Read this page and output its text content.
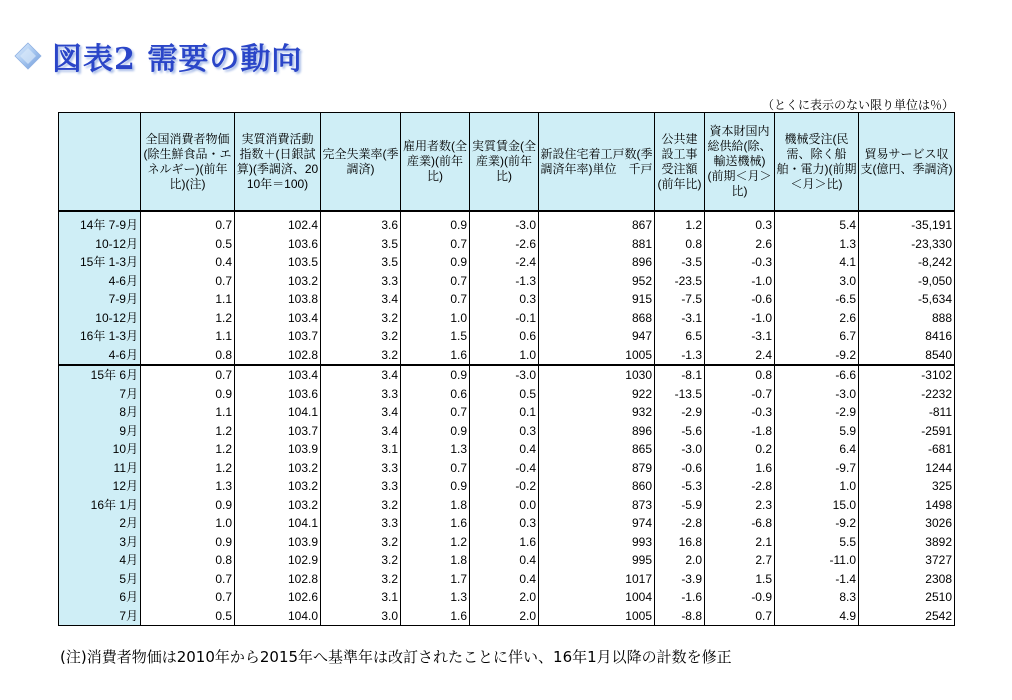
図表2 需要の動向
（とくに表示のない限り単位は％）
	全国消費者物価(除生鮮食品・エネルギー)(前年比)(注)	実質消費活動指数＋(日銀試算)(季調済、2010年＝100)	完全失業率(季調済)	雇用者数(全産業)(前年比)	実質賃金(全産業)(前年比)	新設住宅着工戸数(季調済年率)単位　千戸	公共建設工事受注額(前年比)	資本財国内総供給(除、輸送機械)(前期＜月＞比)	機械受注(民需、除く船舶・電力)(前期＜月＞比)	貿易サービス収支(億円、季調済)
14年 7-9月	0.7	102.4	3.6	0.9	-3.0	867	1.2	0.3	5.4	-35,191
10-12月	0.5	103.6	3.5	0.7	-2.6	881	0.8	2.6	1.3	-23,330
15年 1-3月	0.4	103.5	3.5	0.9	-2.4	896	-3.5	-0.3	4.1	-8,242
4-6月	0.7	103.2	3.3	0.7	-1.3	952	-23.5	-1.0	3.0	-9,050
7-9月	1.1	103.8	3.4	0.7	0.3	915	-7.5	-0.6	-6.5	-5,634
10-12月	1.2	103.4	3.2	1.0	-0.1	868	-3.1	-1.0	2.6	888
16年 1-3月	1.1	103.7	3.2	1.5	0.6	947	6.5	-3.1	6.7	8416
4-6月	0.8	102.8	3.2	1.6	1.0	1005	-1.3	2.4	-9.2	8540
15年 6月	0.7	103.4	3.4	0.9	-3.0	1030	-8.1	0.8	-6.6	-3102
7月	0.9	103.6	3.3	0.6	0.5	922	-13.5	-0.7	-3.0	-2232
8月	1.1	104.1	3.4	0.7	0.1	932	-2.9	-0.3	-2.9	-811
9月	1.2	103.7	3.4	0.9	0.3	896	-5.6	-1.8	5.9	-2591
10月	1.2	103.9	3.1	1.3	0.4	865	-3.0	0.2	6.4	-681
11月	1.2	103.2	3.3	0.7	-0.4	879	-0.6	1.6	-9.7	1244
12月	1.3	103.2	3.3	0.9	-0.2	860	-5.3	-2.8	1.0	325
16年 1月	0.9	103.2	3.2	1.8	0.0	873	-5.9	2.3	15.0	1498
2月	1.0	104.1	3.3	1.6	0.3	974	-2.8	-6.8	-9.2	3026
3月	0.9	103.9	3.2	1.2	1.6	993	16.8	2.1	5.5	3892
4月	0.8	102.9	3.2	1.8	0.4	995	2.0	2.7	-11.0	3727
5月	0.7	102.8	3.2	1.7	0.4	1017	-3.9	1.5	-1.4	2308
6月	0.7	102.6	3.1	1.3	2.0	1004	-1.6	-0.9	8.3	2510
7月	0.5	104.0	3.0	1.6	2.0	1005	-8.8	0.7	4.9	2542
(注)消費者物価は2010年から2015年へ基準年は改訂されたことに伴い、16年1月以降の計数を修正
